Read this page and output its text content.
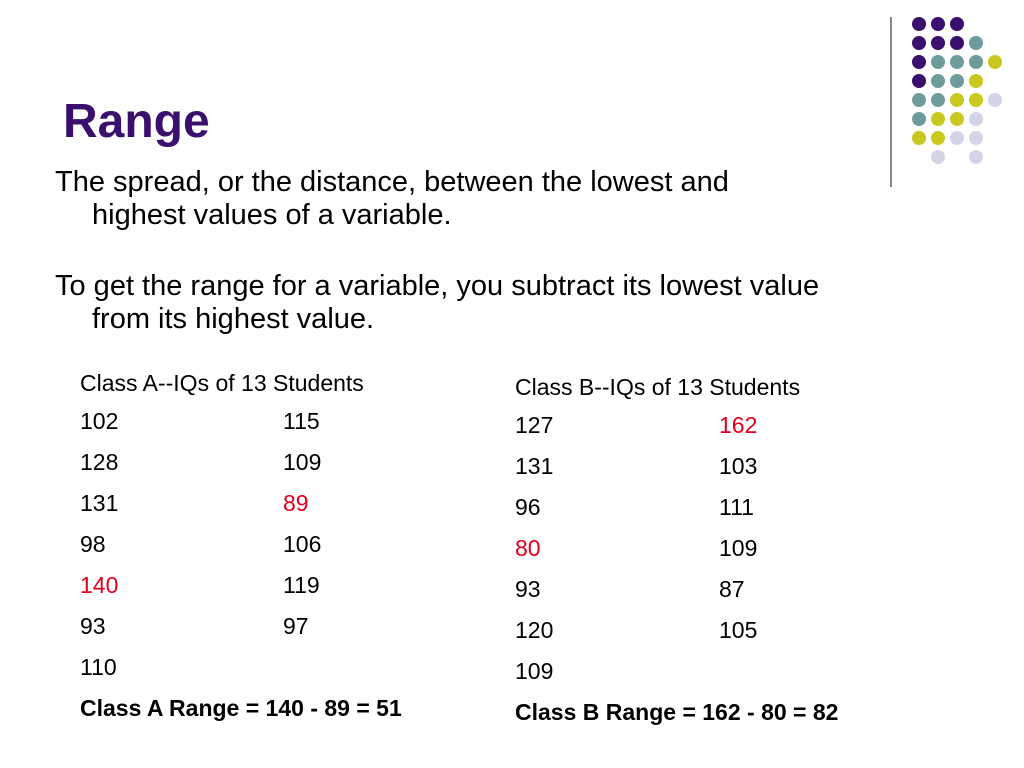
Range
The spread, or the distance, between the lowest and
highest values of a variable.
To get the range for a variable, you subtract its lowest value
from its highest value.
Class A--IQs of 13 Students
102	115
128	109
131	89
98	106
140	119
93	97
110
Class A Range = 140 - 89 = 51
Class B--IQs of 13 Students
127	162
131	103
96	111
80	109
93	87
120	105
109
Class B Range = 162 - 80 = 82
